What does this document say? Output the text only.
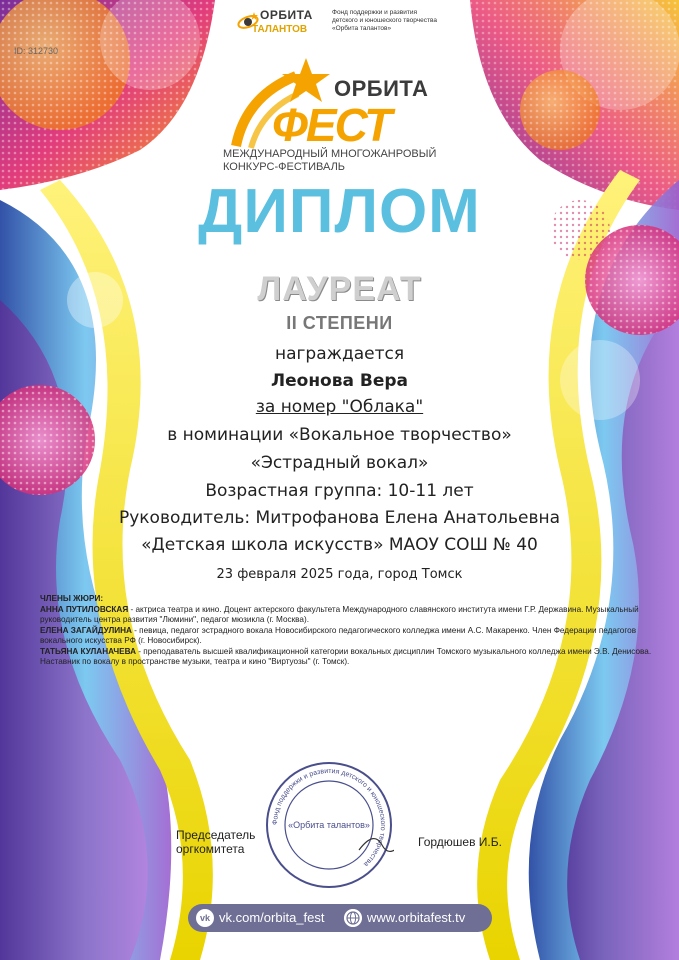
ID: 312730
ОРБИТА
ТАЛАНТОВ
Фонд поддержки и развития детского и юношеского творчества «Орбита талантов»
ОРБИТА
ФЕСТ
МЕЖДУНАРОДНЫЙ МНОГОЖАНРОВЫЙ КОНКУРС-ФЕСТИВАЛЬ
ДИПЛОМ
ЛАУРЕАТ
II СТЕПЕНИ
награждается
Леонова Вера
за номер "Облака"
в номинации «Вокальное творчество»
«Эстрадный вокал»
Возрастная группа: 10-11 лет
Руководитель: Митрофанова Елена Анатольевна
«Детская школа искусств» МАОУ СОШ № 40
23 февраля 2025 года, город Томск
ЧЛЕНЫ ЖЮРИ:

АННА ПУТИЛОВСКАЯ - актриса театра и кино. Доцент актерского факультета Международного славянского института имени Г.Р. Державина. Музыкальный руководитель центра развития "Люмини", педагог мюзикла (г. Москва).

ЕЛЕНА ЗАГАЙДУЛИНА - певица, педагог эстрадного вокала Новосибирского педагогического колледжа имени А.С. Макаренко. Член Федерации педагогов вокального искусства РФ (г. Новосибирск).

ТАТЬЯНА КУЛАНАЧЕВА - преподаватель высшей квалификационной категории вокальных дисциплин Томского музыкального колледжа имени Э.В. Денисова. Наставник по вокалу в пространстве музыки, театра и кино "Виртуозы" (г. Томск).

Фонд поддержки и развития детского и юношеского творчества
«Орбита талантов»
Председатель
оргкомитета	Гордюшев И.Б.
vk vk.com/orbita_fest	www.orbitafest.tv
